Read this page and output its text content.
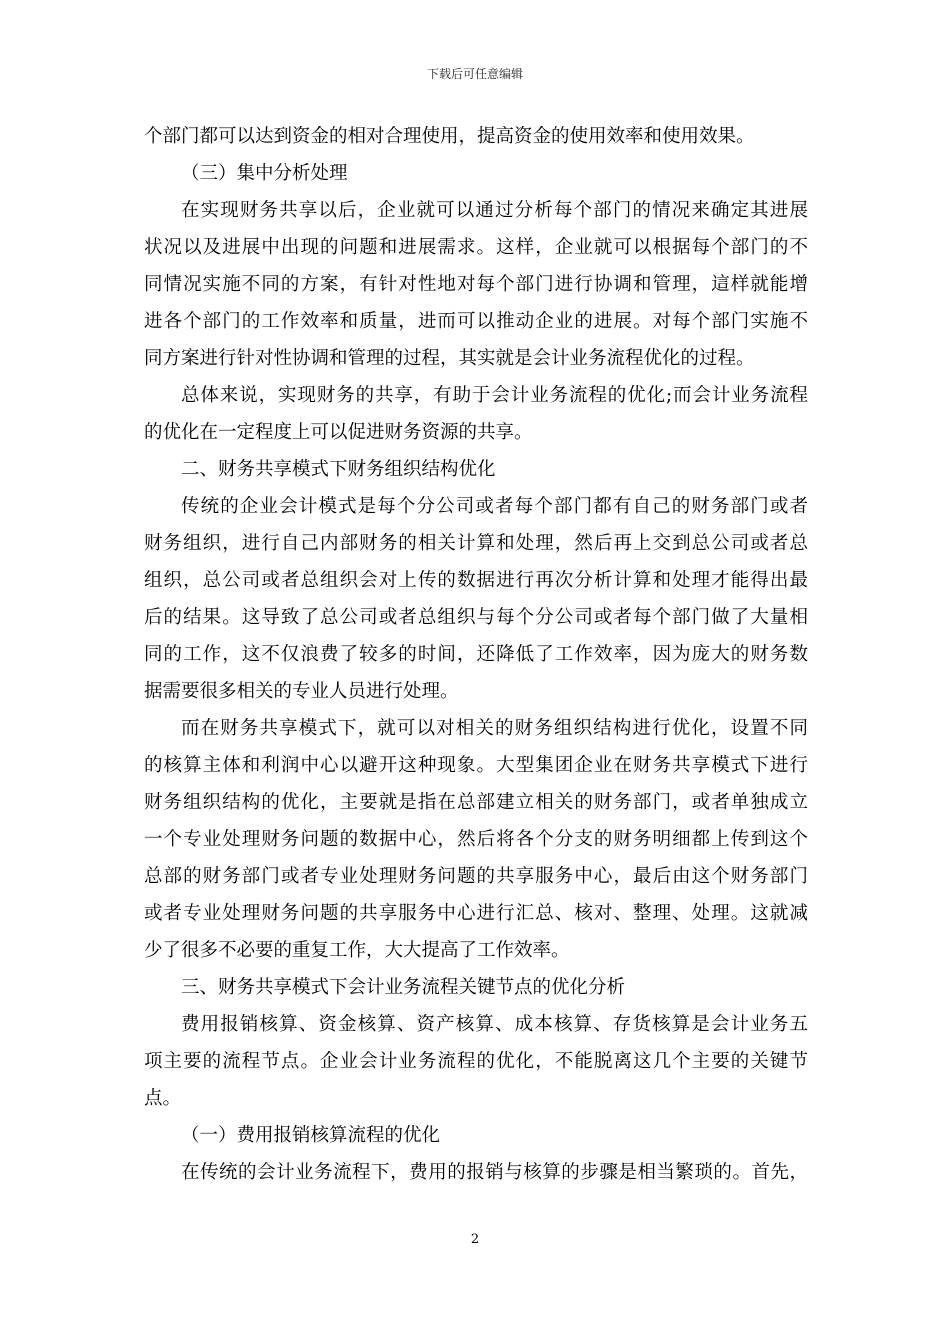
下载后可任意编辑
个部门都可以达到资金的相对合理使用，提高资金的使用效率和使用效果。
（三）集中分析处理
在实现财务共享以后，企业就可以通过分析每个部门的情况来确定其进展
状况以及进展中出现的问题和进展需求。这样，企业就可以根据每个部门的不
同情况实施不同的方案，有针对性地对每个部门进行协调和管理，這样就能增
进各个部门的工作效率和质量，进而可以推动企业的进展。对每个部门实施不
同方案进行针对性协调和管理的过程，其实就是会计业务流程优化的过程。
总体来说，实现财务的共享，有助于会计业务流程的优化;而会计业务流程
的优化在一定程度上可以促进财务资源的共享。
二、财务共享模式下财务组织结构优化
传统的企业会计模式是每个分公司或者每个部门都有自己的财务部门或者
财务组织，进行自己内部财务的相关计算和处理，然后再上交到总公司或者总
组织，总公司或者总组织会对上传的数据进行再次分析计算和处理才能得出最
后的结果。这导致了总公司或者总组织与每个分公司或者每个部门做了大量相
同的工作，这不仅浪费了较多的时间，还降低了工作效率，因为庞大的财务数
据需要很多相关的专业人员进行处理。
而在财务共享模式下，就可以对相关的财务组织结构进行优化，设置不同
的核算主体和利润中心以避开这种现象。大型集团企业在财务共享模式下进行
财务组织结构的优化，主要就是指在总部建立相关的财务部门，或者单独成立
一个专业处理财务问题的数据中心，然后将各个分支的财务明细都上传到这个
总部的财务部门或者专业处理财务问题的共享服务中心，最后由这个财务部门
或者专业处理财务问题的共享服务中心进行汇总、核对、整理、处理。这就减
少了很多不必要的重复工作，大大提高了工作效率。
三、财务共享模式下会计业务流程关键节点的优化分析
费用报销核算、资金核算、资产核算、成本核算、存货核算是会计业务五
项主要的流程节点。企业会计业务流程的优化，不能脱离这几个主要的关键节
点。
（一）费用报销核算流程的优化
在传统的会计业务流程下，费用的报销与核算的步骤是相当繁琐的。首先，
2
